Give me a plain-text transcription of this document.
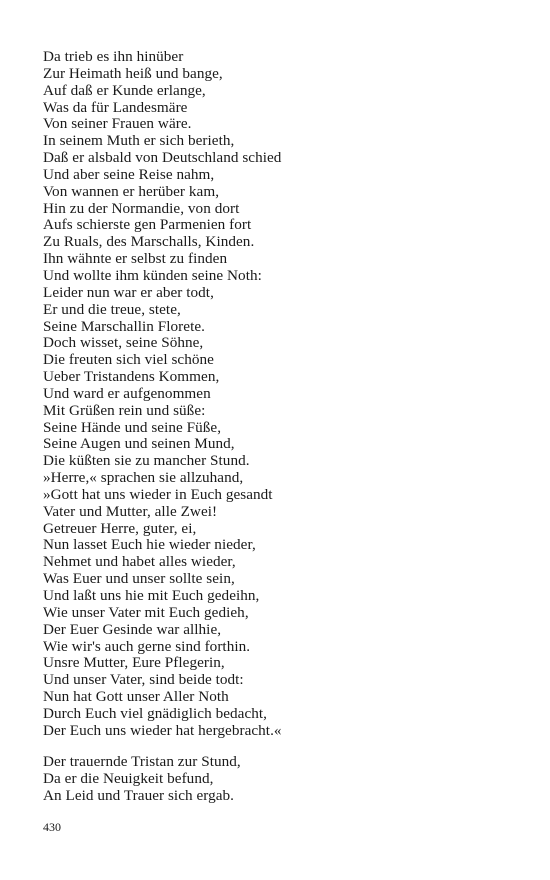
Da trieb es ihn hinüber
Zur Heimath heiß und bange,
Auf daß er Kunde erlange,
Was da für Landesmäre
Von seiner Frauen wäre.
In seinem Muth er sich berieth,
Daß er alsbald von Deutschland schied
Und aber seine Reise nahm,
Von wannen er herüber kam,
Hin zu der Normandie, von dort
Aufs schierste gen Parmenien fort
Zu Ruals, des Marschalls, Kinden.
Ihn wähnte er selbst zu finden
Und wollte ihm künden seine Noth:
Leider nun war er aber todt,
Er und die treue, stete,
Seine Marschallin Florete.
Doch wisset, seine Söhne,
Die freuten sich viel schöne
Ueber Tristandens Kommen,
Und ward er aufgenommen
Mit Grüßen rein und süße:
Seine Hände und seine Füße,
Seine Augen und seinen Mund,
Die küßten sie zu mancher Stund.
»Herre,« sprachen sie allzuhand,
»Gott hat uns wieder in Euch gesandt
Vater und Mutter, alle Zwei!
Getreuer Herre, guter, ei,
Nun lasset Euch hie wieder nieder,
Nehmet und habet alles wieder,
Was Euer und unser sollte sein,
Und laßt uns hie mit Euch gedeihn,
Wie unser Vater mit Euch gedieh,
Der Euer Gesinde war allhie,
Wie wir's auch gerne sind forthin.
Unsre Mutter, Eure Pflegerin,
Und unser Vater, sind beide todt:
Nun hat Gott unser Aller Noth
Durch Euch viel gnädiglich bedacht,
Der Euch uns wieder hat hergebracht.«
Der trauernde Tristan zur Stund,
Da er die Neuigkeit befund,
An Leid und Trauer sich ergab.
430
